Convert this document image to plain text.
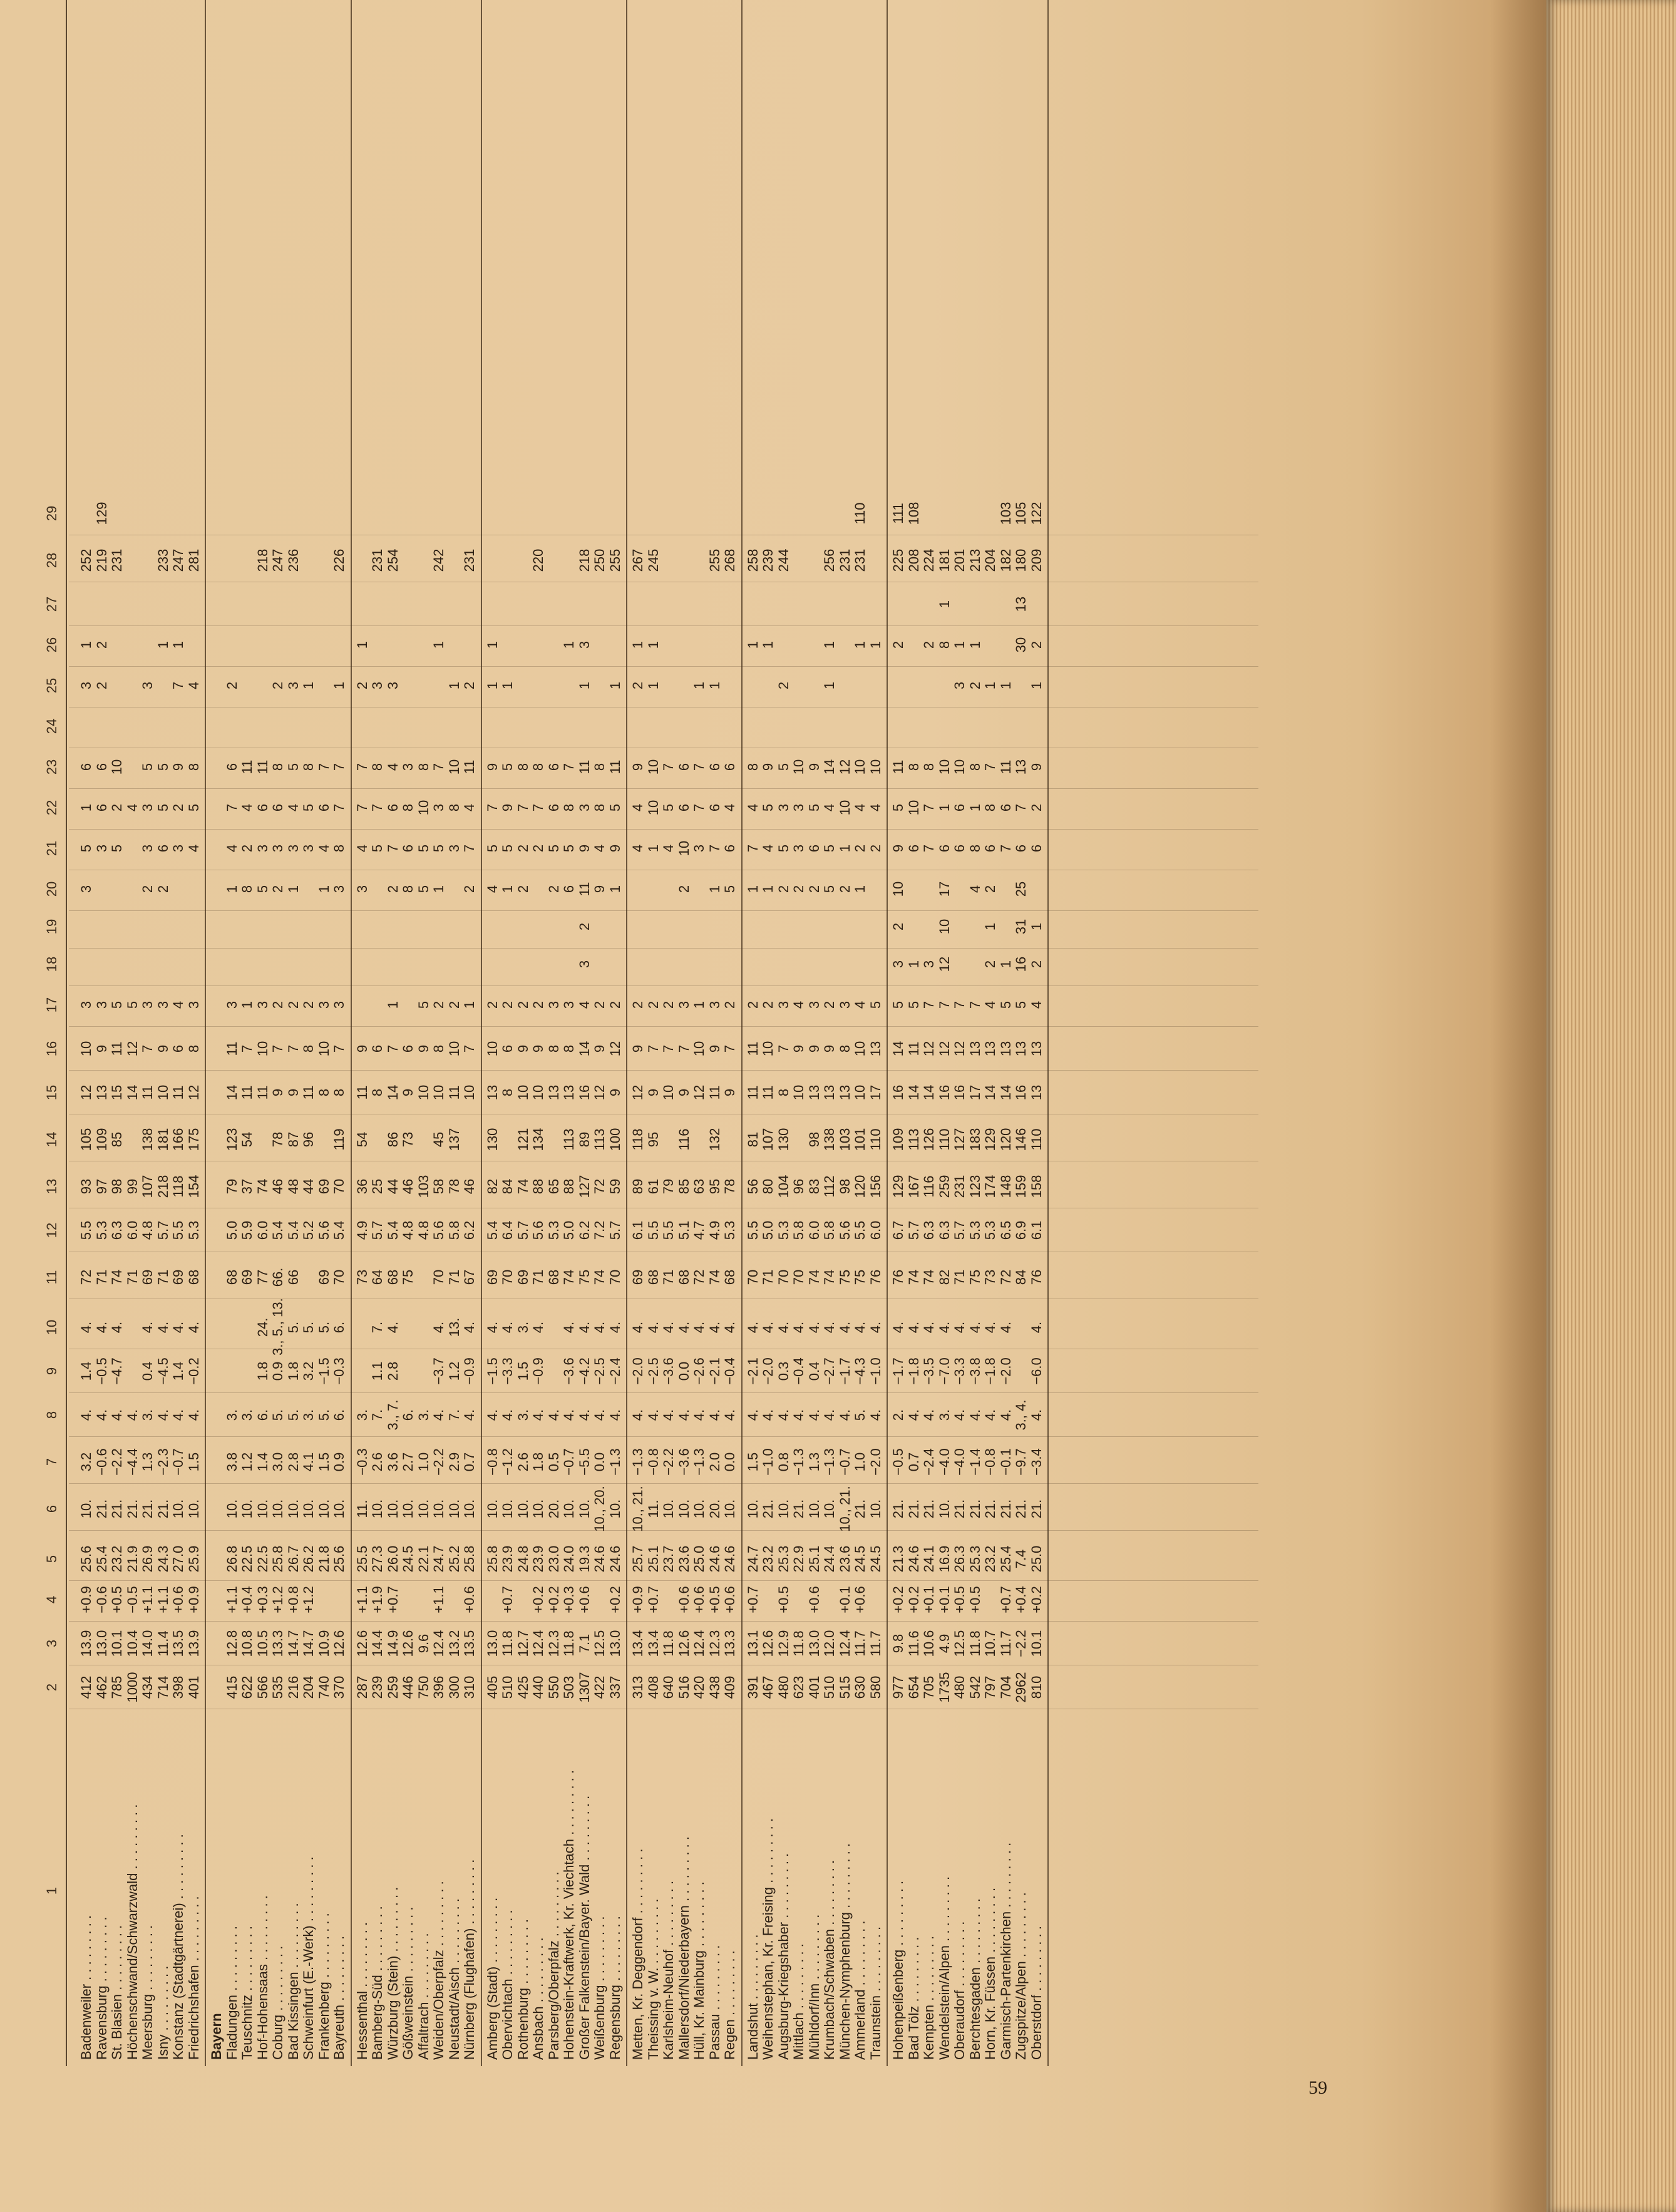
1
2
3
4
5
6
7
8
9
10
11
12
13
14
15
16
17
18
19
20
21
22
23
24
25
26
27
28
29
Badenweiler . . . . . . . . .
412
13.9
+0.9
25.6
10.
3.2
4.
1.4
4.
72
5.5
93
105
12
10
3
3
5
1
6
3
1
252
Ravensburg . . . . . . . . .
462
13.0
−0.6
25.4
21.
−0.6
4.
−0.5
4.
71
5.3
97
109
13
9
3
3
6
6
2
2
219
129
St. Blasien . . . . . . . . .
785
10.1
+0.5
23.2
21.
−2.2
4.
−4.7
4.
74
6.3
98
85
15
11
5
5
2
10
231
Höchenschwand/Schwarzwald . . . . . . . . .
1000
10.4
−0.5
21.9
21.
−4.4
4.
71
6.0
99
14
12
5
4
Meersburg . . . . . . . . .
434
14.0
+1.1
26.9
21.
1.3
3.
0.4
4.
69
4.8
107
138
11
7
3
2
3
3
5
3
Isny . . . . . . . . .
714
11.4
+1.1
24.3
21.
−2.3
4.
−4.5
4.
71
5.7
218
181
10
9
3
2
6
5
5
1
233
Konstanz (Stadtgärtnerei) . . . . . . . . .
398
13.5
+0.6
27.0
10.
−0.7
4.
1.4
4.
69
5.5
118
166
11
6
4
3
2
9
7
1
247
Friedrichshafen . . . . . . . . .
401
13.9
+0.9
25.9
10.
1.5
4.
−0.2
4.
68
5.3
154
175
12
8
3
4
5
8
4
281
Bayern Fladungen . . . . . . . . .
415
12.8
+1.1
26.8
10.
3.8
3.
68
5.0
79
123
14
11
3
1
4
7
6
2
Teuschnitz . . . . . . . . .
622
10.8
+0.4
22.5
10.
1.2
3.
69
5.9
37
54
11
7
1
8
2
4
11
Hof-Hohensaas . . . . . . . . .
566
10.5
+0.3
22.5
10.
1.4
6.
1.8
24.
77
6.0
74
11
10
3
5
3
6
11
218
Coburg . . . . . . . . .
535
13.3
+1.2
25.8
10.
3.0
5.
0.9
3., 5., 13.
66.
5.4
46
78
9
7
2
2
3
6
8
2
247
Bad Kissingen . . . . . . . . .
216
14.7
+0.8
26.7
10.
2.8
5.
1.8
5.
66
5.4
48
87
9
7
2
1
3
4
5
3
236
Schweinfurt (E.-Werk) . . . . . . . . .
204
14.7
+1.2
26.2
10.
4.1
3.
3.2
5.
5.2
44
96
11
8
2
3
5
8
1
Frankenberg . . . . . . . . .
740
10.9
21.8
10.
1.5
5.
−1.5
5.
69
5.6
69
8
10
3
1
4
6
7
Bayreuth . . . . . . . . .
370
12.6
25.6
10.
0.9
6.
−0.3
6.
70
5.4
70
119
8
7
3
3
8
7
7
1
226
Hessenthal . . . . . . . . .
287
12.6
+1.1
25.5
11.
−0.3
3.
73
4.9
36
54
11
9
3
4
7
7
2
1
Bamberg-Süd . . . . . . . . .
239
14.4
+1.9
27.3
10.
2.6
7.
1.1
7.
64
5.7
25
8
6
5
7
8
3
231
Würzburg (Stein) . . . . . . . . .
259
14.9
+0.7
26.0
10.
3.6
3., 7.
2.8
4.
68
5.4
44
86
14
7
1
2
7
6
4
3
254
Gößweinstein . . . . . . . . .
446
12.6
24.5
10.
2.7
6.
75
4.8
46
73
9
6
8
6
8
3
Affaltrach . . . . . . . . .
750
9.6
22.1
10.
1.0
3.
4.8
103
10
9
5
5
5
10
8
Weiden/Oberpfalz . . . . . . . . .
396
12.4
+1.1
24.7
10.
−2.2
4.
−3.7
4.
70
5.6
58
45
10
8
2
1
5
3
7
1
242
Neustadt/Aisch . . . . . . . . .
300
13.2
25.2
10.
2.9
7.
1.2
13.
71
5.8
78
137
11
10
2
3
8
10
1
Nürnberg (Flughafen) . . . . . . . . .
310
13.5
+0.6
25.8
10.
0.7
4.
−0.9
4.
67
6.2
46
10
7
1
2
7
4
11
2
231
Amberg (Stadt) . . . . . . . . .
405
13.0
25.8
10.
−0.8
4.
−1.5
4.
69
5.4
82
130
13
10
2
4
5
7
9
1
1
Obervichtach . . . . . . . . .
510
11.8
+0.7
23.9
10.
−1.2
4.
−3.3
4.
70
6.4
84
8
6
2
1
5
9
5
1
Rothenburg . . . . . . . . .
425
12.7
24.8
10.
2.6
3.
1.5
3.
69
5.7
74
121
10
9
2
2
2
7
8
Ansbach . . . . . . . . .
440
12.4
+0.2
23.9
10.
1.8
4.
−0.9
4.
71
5.6
88
134
10
9
2
2
7
8
220
Parsberg/Oberpfalz . . . . . . . . .
550
12.3
+0.2
23.0
20.
0.5
4.
68
5.3
65
13
8
3
2
5
6
6
Hohenstein-Kraftwerk, Kr. Viechtach . . . . . . . . .
503
11.8
+0.3
24.0
10.
−0.7
4.
−3.6
4.
74
5.0
88
113
13
8
3
6
5
8
7
1
Großer Falkenstein/Bayer. Wald . . . . . . . . .
1307
7.1
+0.6
19.3
10.
−5.5
4.
−4.2
4.
75
6.2
127
89
16
14
4
3
2
11
9
3
11
1
3
218
Weißenburg . . . . . . . . .
422
12.5
24.6
10., 20.
0.0
4.
−2.5
4.
74
7.2
72
113
12
9
2
9
4
8
8
250
Regensburg . . . . . . . . .
337
13.0
+0.2
24.6
10.
−1.3
4.
−2.4
4.
70
5.7
59
100
9
12
2
1
9
5
11
1
255
Metten, Kr. Deggendorf . . . . . . . . .
313
13.4
+0.9
25.7
10., 21.
−1.3
4.
−2.0
4.
69
6.1
89
118
12
9
2
4
4
9
2
1
267
Theissing v. W. . . . . . . . . .
408
13.4
+0.7
25.1
11.
−0.8
4.
−2.5
4.
68
5.5
61
95
9
7
2
1
10
10
1
1
245
Karlsheim-Neuhof . . . . . . . . .
640
11.8
23.7
10.
−2.2
4.
−3.6
4.
71
5.5
79
10
7
2
4
5
7
Mallersdorf/Niederbayern . . . . . . . . .
516
12.6
+0.6
23.6
10.
−3.6
4.
0.0
4.
68
5.1
85
116
9
7
3
2
10
6
6
Hüll, Kr. Mainburg . . . . . . . . .
420
12.4
+0.6
25.0
10.
−1.3
4.
−2.6
4.
72
4.7
63
12
10
1
3
7
7
1
Passau . . . . . . . . .
438
12.3
+0.5
24.6
20.
2.0
4.
−2.1
4.
74
4.9
95
132
11
9
3
1
7
6
6
1
255
Regen . . . . . . . . .
409
13.3
+0.6
24.6
10.
0.0
4.
−0.4
4.
68
5.3
78
9
7
2
5
6
4
6
268
Landshut . . . . . . . . .
391
13.1
+0.7
24.7
10.
1.5
4.
−2.1
4.
70
5.5
56
81
11
11
2
1
7
4
8
1
258
Weihenstephan, Kr. Freising . . . . . . . . .
467
12.6
23.2
21.
−1.0
4.
−2.0
4.
71
5.0
80
107
11
10
2
1
4
5
9
1
239
Augsburg-Kriegshaber . . . . . . . . .
480
12.9
+0.5
25.3
10.
0.8
4.
0.3
4.
70
5.3
104
130
8
7
3
2
5
3
5
2
244
Mittlach . . . . . . . . .
623
11.8
22.9
21.
−1.3
4.
−0.4
4.
70
5.8
96
10
9
4
2
3
3
10
Mühldorf/Inn . . . . . . . . .
401
13.0
+0.6
25.1
10.
1.3
4.
0.4
4.
74
6.0
83
98
13
9
3
2
6
5
9
Krumbach/Schwaben . . . . . . . . .
510
12.0
24.4
10.
−1.3
4.
−2.7
4.
74
5.8
112
138
13
9
2
5
5
4
14
1
1
256
München-Nymphenburg . . . . . . . . .
515
12.4
+0.1
23.6
10., 21.
−0.7
4.
−1.7
4.
75
5.6
98
103
13
8
3
2
1
10
12
231
Ammerland . . . . . . . . .
630
11.7
+0.6
24.5
21.
1.0
5.
−4.3
4.
75
5.5
120
101
10
10
4
1
2
4
10
1
231
110
Traunstein . . . . . . . . .
580
11.7
24.5
10.
−2.0
4.
−1.0
4.
76
6.0
156
110
17
13
5
2
4
10
1
Hohenpeißenberg . . . . . . . . .
977
9.8
+0.2
21.3
21.
−0.5
2.
−1.7
4.
76
6.7
129
109
16
14
5
3
2
10
9
5
11
2
225
111
Bad Tölz . . . . . . . . .
654
11.6
+0.2
24.6
21.
0.7
4.
−1.8
4.
74
5.7
167
113
14
11
5
1
6
10
8
208
108
Kempten . . . . . . . . .
705
10.6
+0.1
24.1
21.
−2.4
4.
−3.5
4.
74
6.3
116
126
14
12
7
3
7
7
8
2
224
Wendelstein/Alpen . . . . . . . . .
1735
4.9
+0.1
16.9
10.
−4.0
3.
−7.0
4.
82
6.3
259
110
16
12
7
12
10
17
6
1
10
8
1
181
Oberaudorf . . . . . . . . .
480
12.5
+0.5
26.3
21.
−4.0
4.
−3.3
4.
71
5.7
231
127
16
12
7
6
6
10
3
1
201
Berchtesgaden . . . . . . . . .
542
11.8
+0.5
25.3
21.
−1.4
4.
−3.8
4.
75
5.3
123
183
17
13
7
4
8
1
8
2
1
213
Horn, Kr. Füssen . . . . . . . . .
797
10.7
23.2
21.
−0.8
4.
−1.8
4.
73
5.3
174
129
14
13
4
2
1
2
6
8
7
1
204
Garmisch-Partenkirchen . . . . . . . . .
704
11.7
+0.7
25.4
21.
−0.1
4.
−2.0
4.
72
6.5
148
120
14
13
5
1
7
6
11
1
182
103
Zugspitze/Alpen . . . . . . . . .
2962
−2.2
+0.4
7.4
21.
−9.7
3., 4.
84
6.9
159
146
16
13
5
16
31
25
6
7
13
30
13
180
105
Oberstdorf . . . . . . . . .
810
10.1
+0.2
25.0
21.
−3.4
4.
−6.0
4.
76
6.1
158
110
13
13
4
2
1
6
2
9
1
2
209
122
59
